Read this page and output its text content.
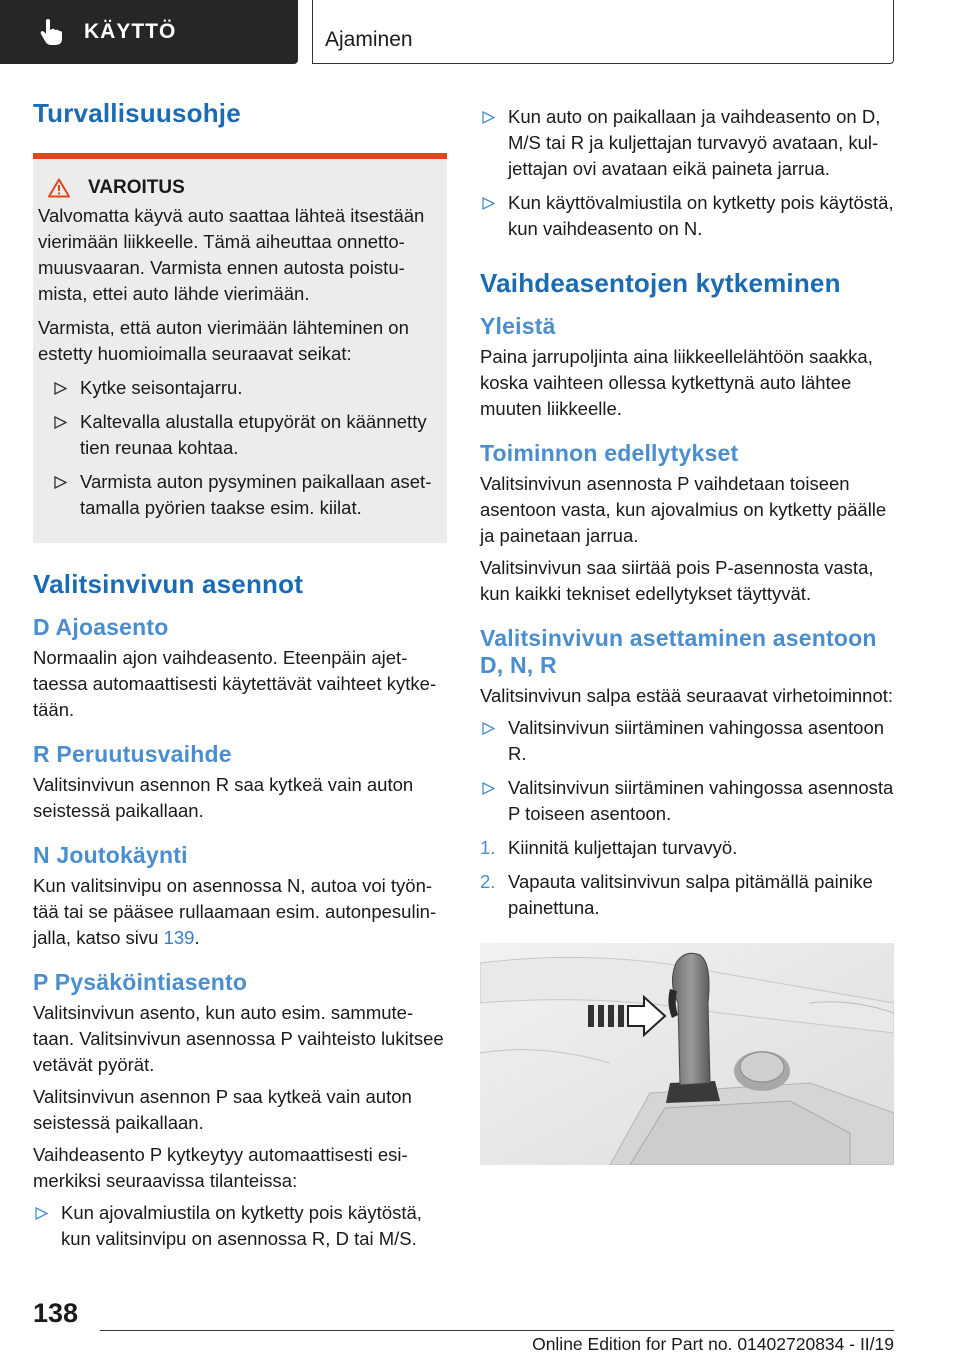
KÄYTTÖ	Ajaminen
Turvallisuusohje
VAROITUS

Valvomatta käyvä auto saattaa lähteä itsestään vierimään liikkeelle. Tämä aiheuttaa onnettomuusvaaran. Varmista ennen autosta poistumista, ettei auto lähde vierimään.

Varmista, että auton vierimään lähteminen on estetty huomioimalla seuraavat seikat:

Kytke seisontajarru.
Kaltevalla alustalla etupyörät on käännetty tien reunaa kohtaa.
Varmista auton pysyminen paikallaan asettamalla pyörien taakse esim. kiilat.
Valitsinvivun asennot
D Ajoasento

Normaalin ajon vaihdeasento. Eteenpäin ajettaessa automaattisesti käytettävät vaihteet kytketään.

R Peruutusvaihde

Valitsinvivun asennon R saa kytkeä vain auton seistessä paikallaan.

N Joutokäynti

Kun valitsinvipu on asennossa N, autoa voi työntää tai se pääsee rullaamaan esim. autonpesulinjalla, katso sivu 139.

P Pysäköintiasento

Valitsinvivun asento, kun auto esim. sammutetaan. Valitsinvivun asennossa P vaihteisto lukitsee vetävät pyörät.

Valitsinvivun asennon P saa kytkeä vain auton seistessä paikallaan.

Vaihdeasento P kytkeytyy automaattisesti esimerkiksi seuraavissa tilanteissa:

Kun ajovalmiustila on kytketty pois käytöstä, kun valitsinvipu on asennossa R, D tai M/S.
Kun auto on paikallaan ja vaihdeasento on D, M/S tai R ja kuljettajan turvavyö avataan, kuljettajan ovi avataan eikä paineta jarrua.
Kun käyttövalmiustila on kytketty pois käytöstä, kun vaihdeasento on N.
Vaihdeasentojen kytkeminen
Yleistä

Paina jarrupoljinta aina liikkeellelähtöön saakka, koska vaihteen ollessa kytkettynä auto lähtee muuten liikkeelle.

Toiminnon edellytykset

Valitsinvivun asennosta P vaihdetaan toiseen asentoon vasta, kun ajovalmius on kytketty päälle ja painetaan jarrua.

Valitsinvivun saa siirtää pois P-asennosta vasta, kun kaikki tekniset edellytykset täyttyvät.

Valitsinvivun asettaminen asentoon D, N, R

Valitsinvivun salpa estää seuraavat virhetoiminnot:

Valitsinvivun siirtäminen vahingossa asentoon R.
Valitsinvivun siirtäminen vahingossa asennosta P toiseen asentoon.
1. Kiinnitä kuljettajan turvavyö.
2. Vapauta valitsinvivun salpa pitämällä painike painettuna.
138
Online Edition for Part no. 01402720834 - II/19
